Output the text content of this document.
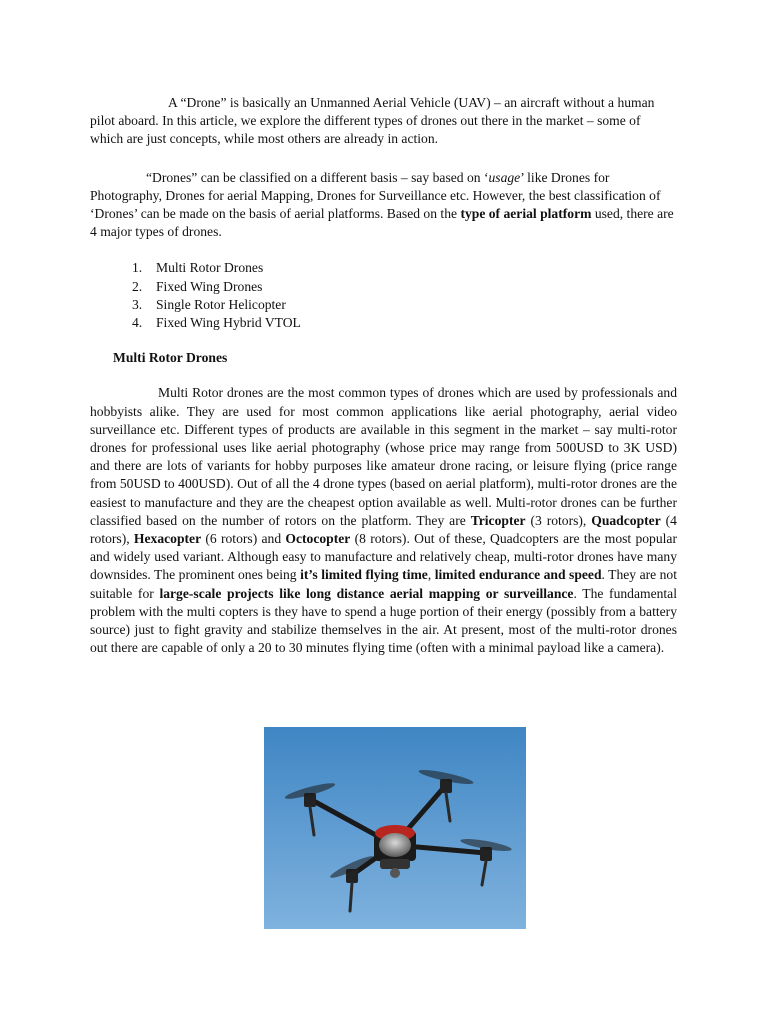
A “Drone” is basically an Unmanned Aerial Vehicle (UAV) – an aircraft without a human pilot aboard. In this article, we explore the different types of drones out there in the market – some of which are just concepts, while most others are already in action.

“Drones” can be classified on a different basis – say based on ‘usage’ like Drones for Photography, Drones for aerial Mapping, Drones for Surveillance etc. However, the best classification of ‘Drones’ can be made on the basis of aerial platforms. Based on the type of aerial platform used, there are 4 major types of drones.

1.	Multi Rotor Drones
2.	Fixed Wing Drones
3.	Single Rotor Helicopter
4.	Fixed Wing Hybrid VTOL
Multi Rotor Drones

Multi Rotor drones are the most common types of drones which are used by professionals and hobbyists alike. They are used for most common applications like aerial photography, aerial video surveillance etc. Different types of products are available in this segment in the market – say multi-rotor drones for professional uses like aerial photography (whose price may range from 500USD to 3K USD) and there are lots of variants for hobby purposes like amateur drone racing, or leisure flying (price range from 50USD to 400USD). Out of all the 4 drone types (based on aerial platform), multi-rotor drones are the easiest to manufacture and they are the cheapest option available as well. Multi-rotor drones can be further classified based on the number of rotors on the platform. They are Tricopter (3 rotors), Quadcopter (4 rotors), Hexacopter (6 rotors) and Octocopter (8 rotors). Out of these, Quadcopters are the most popular and widely used variant. Although easy to manufacture and relatively cheap, multi-rotor drones have many downsides. The prominent ones being it’s limited flying time, limited endurance and speed. They are not suitable for large-scale projects like long distance aerial mapping or surveillance. The fundamental problem with the multi copters is they have to spend a huge portion of their energy (possibly from a battery source) just to fight gravity and stabilize themselves in the air. At present, most of the multi-rotor drones out there are capable of only a 20 to 30 minutes flying time (often with a minimal payload like a camera).
